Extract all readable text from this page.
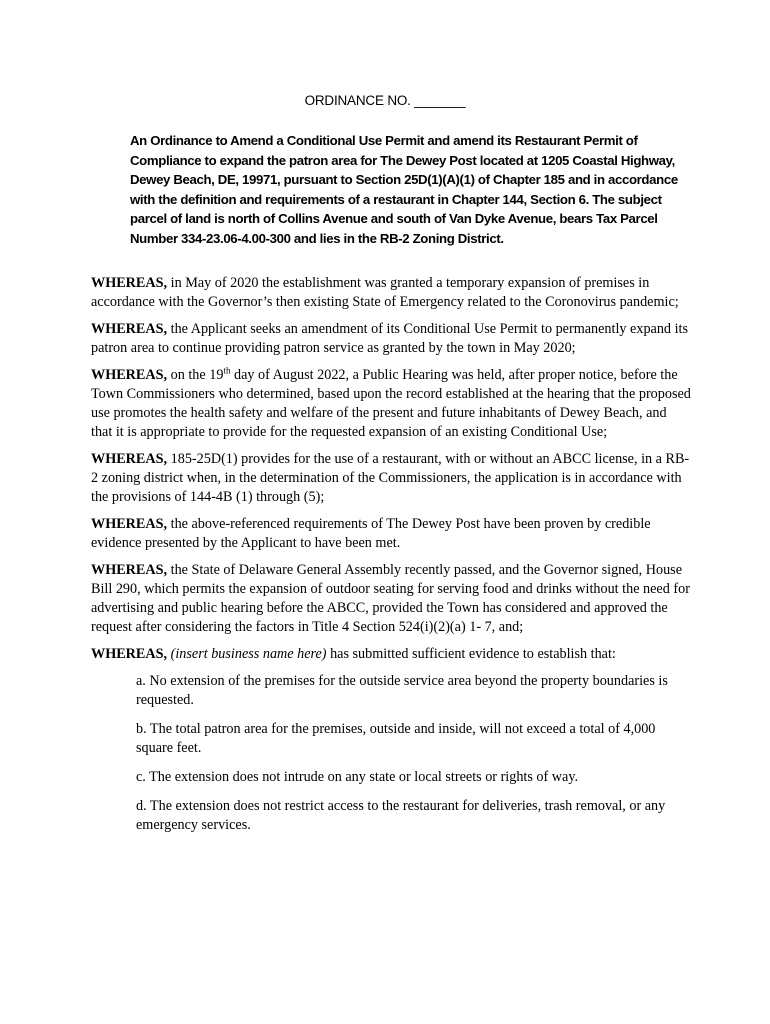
ORDINANCE NO. _______
An Ordinance to Amend a Conditional Use Permit and amend its Restaurant Permit of Compliance to expand the patron area for The Dewey Post located at 1205 Coastal Highway, Dewey Beach, DE, 19971, pursuant to Section 25D(1)(A)(1) of Chapter 185 and in accordance with the definition and requirements of a restaurant in Chapter 144, Section 6. The subject parcel of land is north of Collins Avenue and south of Van Dyke Avenue, bears Tax Parcel Number 334-23.06-4.00-300 and lies in the RB-2 Zoning District.

WHEREAS, in May of 2020 the establishment was granted a temporary expansion of premises in accordance with the Governor’s then existing State of Emergency related to the Coronovirus pandemic;

WHEREAS, the Applicant seeks an amendment of its Conditional Use Permit to permanently expand its patron area to continue providing patron service as granted by the town in May 2020;

WHEREAS, on the 19th day of August 2022, a Public Hearing was held, after proper notice, before the Town Commissioners who determined, based upon the record established at the hearing that the proposed use promotes the health safety and welfare of the present and future inhabitants of Dewey Beach, and that it is appropriate to provide for the requested expansion of an existing Conditional Use;

WHEREAS, 185-25D(1) provides for the use of a restaurant, with or without an ABCC license, in a RB-2 zoning district when, in the determination of the Commissioners, the application is in accordance with the provisions of 144-4B (1) through (5);

WHEREAS, the above-referenced requirements of The Dewey Post have been proven by credible evidence presented by the Applicant to have been met.

WHEREAS, the State of Delaware General Assembly recently passed, and the Governor signed, House Bill 290, which permits the expansion of outdoor seating for serving food and drinks without the need for advertising and public hearing before the ABCC, provided the Town has considered and approved the request after considering the factors in Title 4 Section 524(i)(2)(a) 1- 7, and;

WHEREAS, (insert business name here) has submitted sufficient evidence to establish that:

a. No extension of the premises for the outside service area beyond the property boundaries is requested.

b. The total patron area for the premises, outside and inside, will not exceed a total of 4,000 square feet.

c. The extension does not intrude on any state or local streets or rights of way.

d. The extension does not restrict access to the restaurant for deliveries, trash removal, or any emergency services.
